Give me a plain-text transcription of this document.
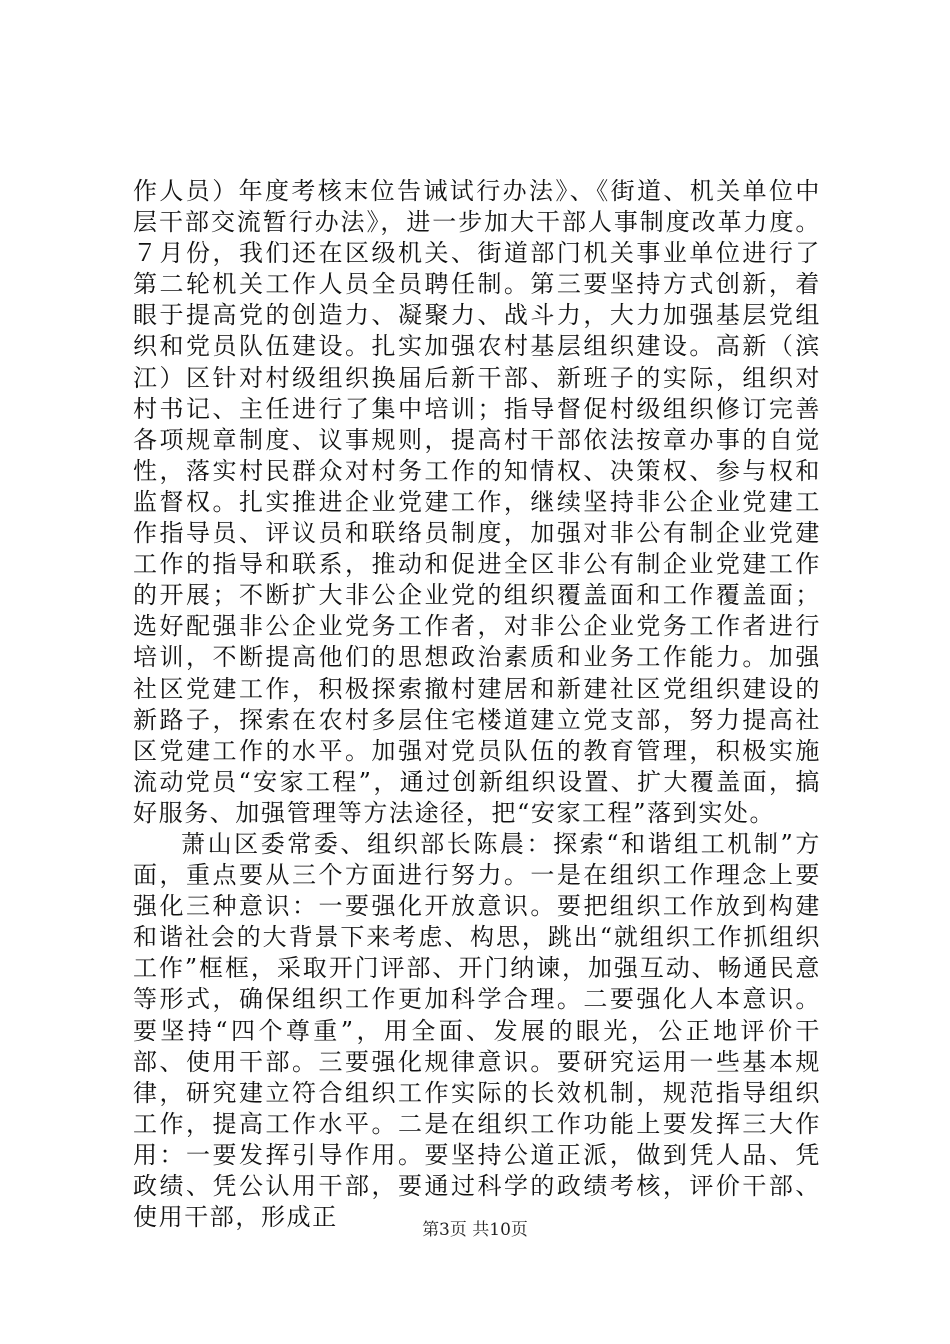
作人员）年度考核末位告诫试行办法》、《街道、机关单位中层干部交流暂行办法》，进一步加大干部人事制度改革力度。７月份，我们还在区级机关、街道部门机关事业单位进行了第二轮机关工作人员全员聘任制。第三要坚持方式创新，着眼于提高党的创造力、凝聚力、战斗力，大力加强基层党组织和党员队伍建设。扎实加强农村基层组织建设。高新（滨江）区针对村级组织换届后新干部、新班子的实际，组织对村书记、主任进行了集中培训；指导督促村级组织修订完善各项规章制度、议事规则，提高村干部依法按章办事的自觉性，落实村民群众对村务工作的知情权、决策权、参与权和监督权。扎实推进企业党建工作，继续坚持非公企业党建工作指导员、评议员和联络员制度，加强对非公有制企业党建工作的指导和联系，推动和促进全区非公有制企业党建工作的开展；不断扩大非公企业党的组织覆盖面和工作覆盖面；选好配强非公企业党务工作者，对非公企业党务工作者进行培训，不断提高他们的思想政治素质和业务工作能力。加强社区党建工作，积极探索撤村建居和新建社区党组织建设的新路子，探索在农村多层住宅楼道建立党支部，努力提高社区党建工作的水平。加强对党员队伍的教育管理，积极实施流动党员“安家工程”，通过创新组织设置、扩大覆盖面，搞好服务、加强管理等方法途径，把“安家工程”落到实处。

萧山区委常委、组织部长陈晨：探索“和谐组工机制”方面，重点要从三个方面进行努力。一是在组织工作理念上要强化三种意识：一要强化开放意识。要把组织工作放到构建和谐社会的大背景下来考虑、构思，跳出“就组织工作抓组织工作”框框，采取开门评部、开门纳谏，加强互动、畅通民意等形式，确保组织工作更加科学合理。二要强化人本意识。要坚持“四个尊重”，用全面、发展的眼光，公正地评价干部、使用干部。三要强化规律意识。要研究运用一些基本规律，研究建立符合组织工作实际的长效机制，规范指导组织工作，提高工作水平。二是在组织工作功能上要发挥三大作用：一要发挥引导作用。要坚持公道正派，做到凭人品、凭政绩、凭公认用干部，要通过科学的政绩考核，评价干部、使用干部，形成正	第3页 共10页
